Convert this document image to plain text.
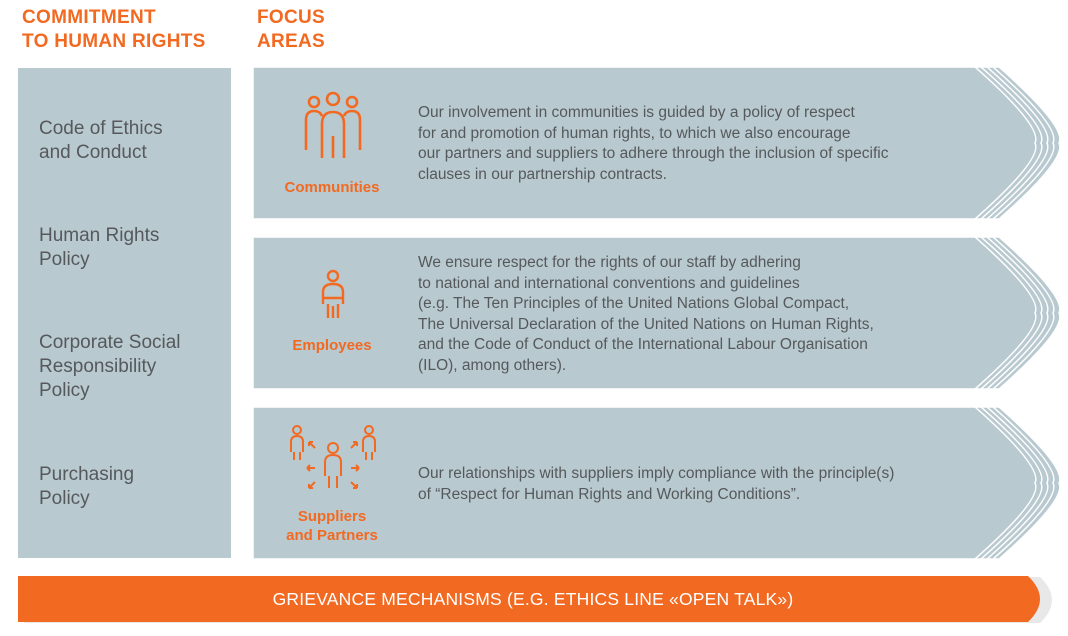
COMMITMENT
TO HUMAN RIGHTS
FOCUS
AREAS
Code of Ethics
and Conduct
Human Rights
Policy
Corporate Social
Responsibility
Policy
Purchasing
Policy
Communities
Employees
Suppliers
and Partners
Our involvement in communities is guided by a policy of respect
for and promotion of human rights, to which we also encourage
our partners and suppliers to adhere through the inclusion of specific
clauses in our partnership contracts.
We ensure respect for the rights of our staff by adhering
to national and international conventions and guidelines
(e.g. The Ten Principles of the United Nations Global Compact,
The Universal Declaration of the United Nations on Human Rights,
and the Code of Conduct of the International Labour Organisation
(ILO), among others).
Our relationships with suppliers imply compliance with the principle(s)
of “Respect for Human Rights and Working Conditions”.
GRIEVANCE MECHANISMS (E.G. ETHICS LINE «OPEN TALK»)
